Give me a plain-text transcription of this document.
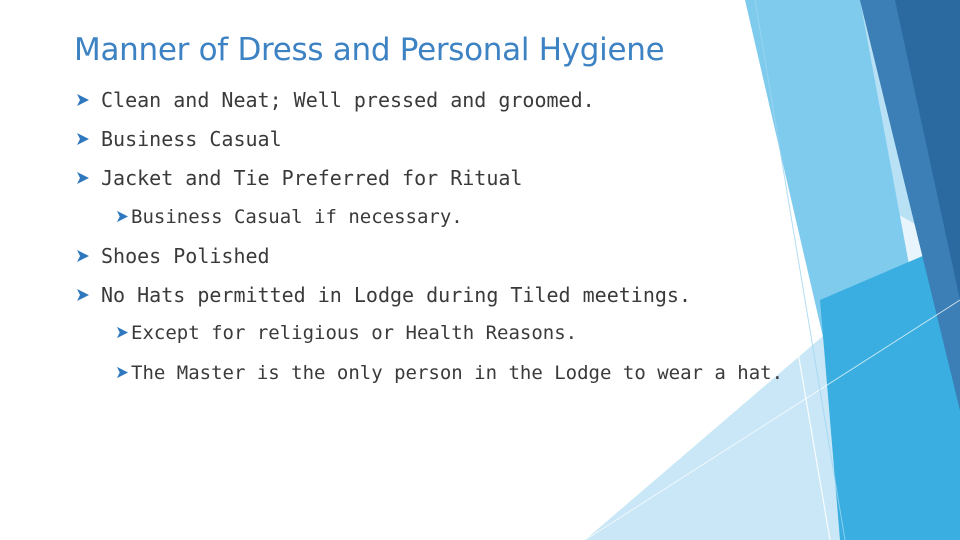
Manner of Dress and Personal Hygiene
Clean and Neat; Well pressed and groomed.
Business Casual
Jacket and Tie Preferred for Ritual
Business Casual if necessary.
Shoes Polished
No Hats permitted in Lodge during Tiled meetings.
Except for religious or Health Reasons.
The Master is the only person in the Lodge to wear a hat.
